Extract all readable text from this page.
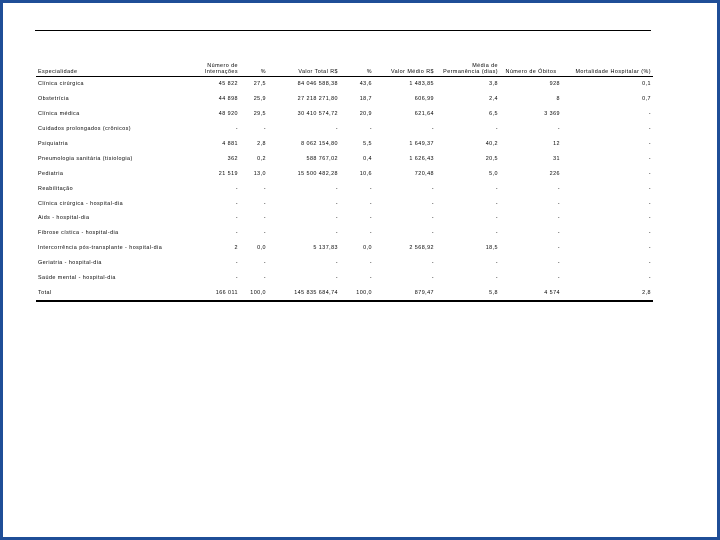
Especialidade	Número de Internações	%	Valor Total R$	%	Valor Médio R$	Média de Permanência (dias)	Número de Óbitos	Mortalidade Hospitalar (%)
Clínica cirúrgica	45 822	27,5	84 046 588,38	43,6	1 483,85	3,8	928	0,1
Obstetrícia	44 898	25,9	27 218 271,80	18,7	606,99	2,4	8	0,7
Clínica médica	48 920	29,5	30 410 574,72	20,9	621,64	6,5	3 369	-
Cuidados prolongados (crônicos)	-	-	-	-	-	-	-	-
Psiquiatria	4 881	2,8	8 062 154,80	5,5	1 649,37	40,2	12	-
Pneumologia sanitária (tisiologia)	362	0,2	588 767,02	0,4	1 626,43	20,5	31	-
Pediatria	21 519	13,0	15 500 482,28	10,6	720,48	5,0	226	-
Reabilitação	-	-	-	-	-	-	-	-
Clínica cirúrgica - hospital-dia	-	-	-	-	-	-	-	-
Aids - hospital-dia	-	-	-	-	-	-	-	-
Fibrose cística - hospital-dia	-	-	-	-	-	-	-	-
Intercorrência pós-transplante - hospital-dia	2	0,0	5 137,83	0,0	2 568,92	18,5	-	-
Geriatria - hospital-dia	-	-	-	-	-	-	-	-
Saúde mental - hospital-dia	-	-	-	-	-	-	-	-
Total	166 011	100,0	145 835 684,74	100,0	879,47	5,8	4 574	2,8
